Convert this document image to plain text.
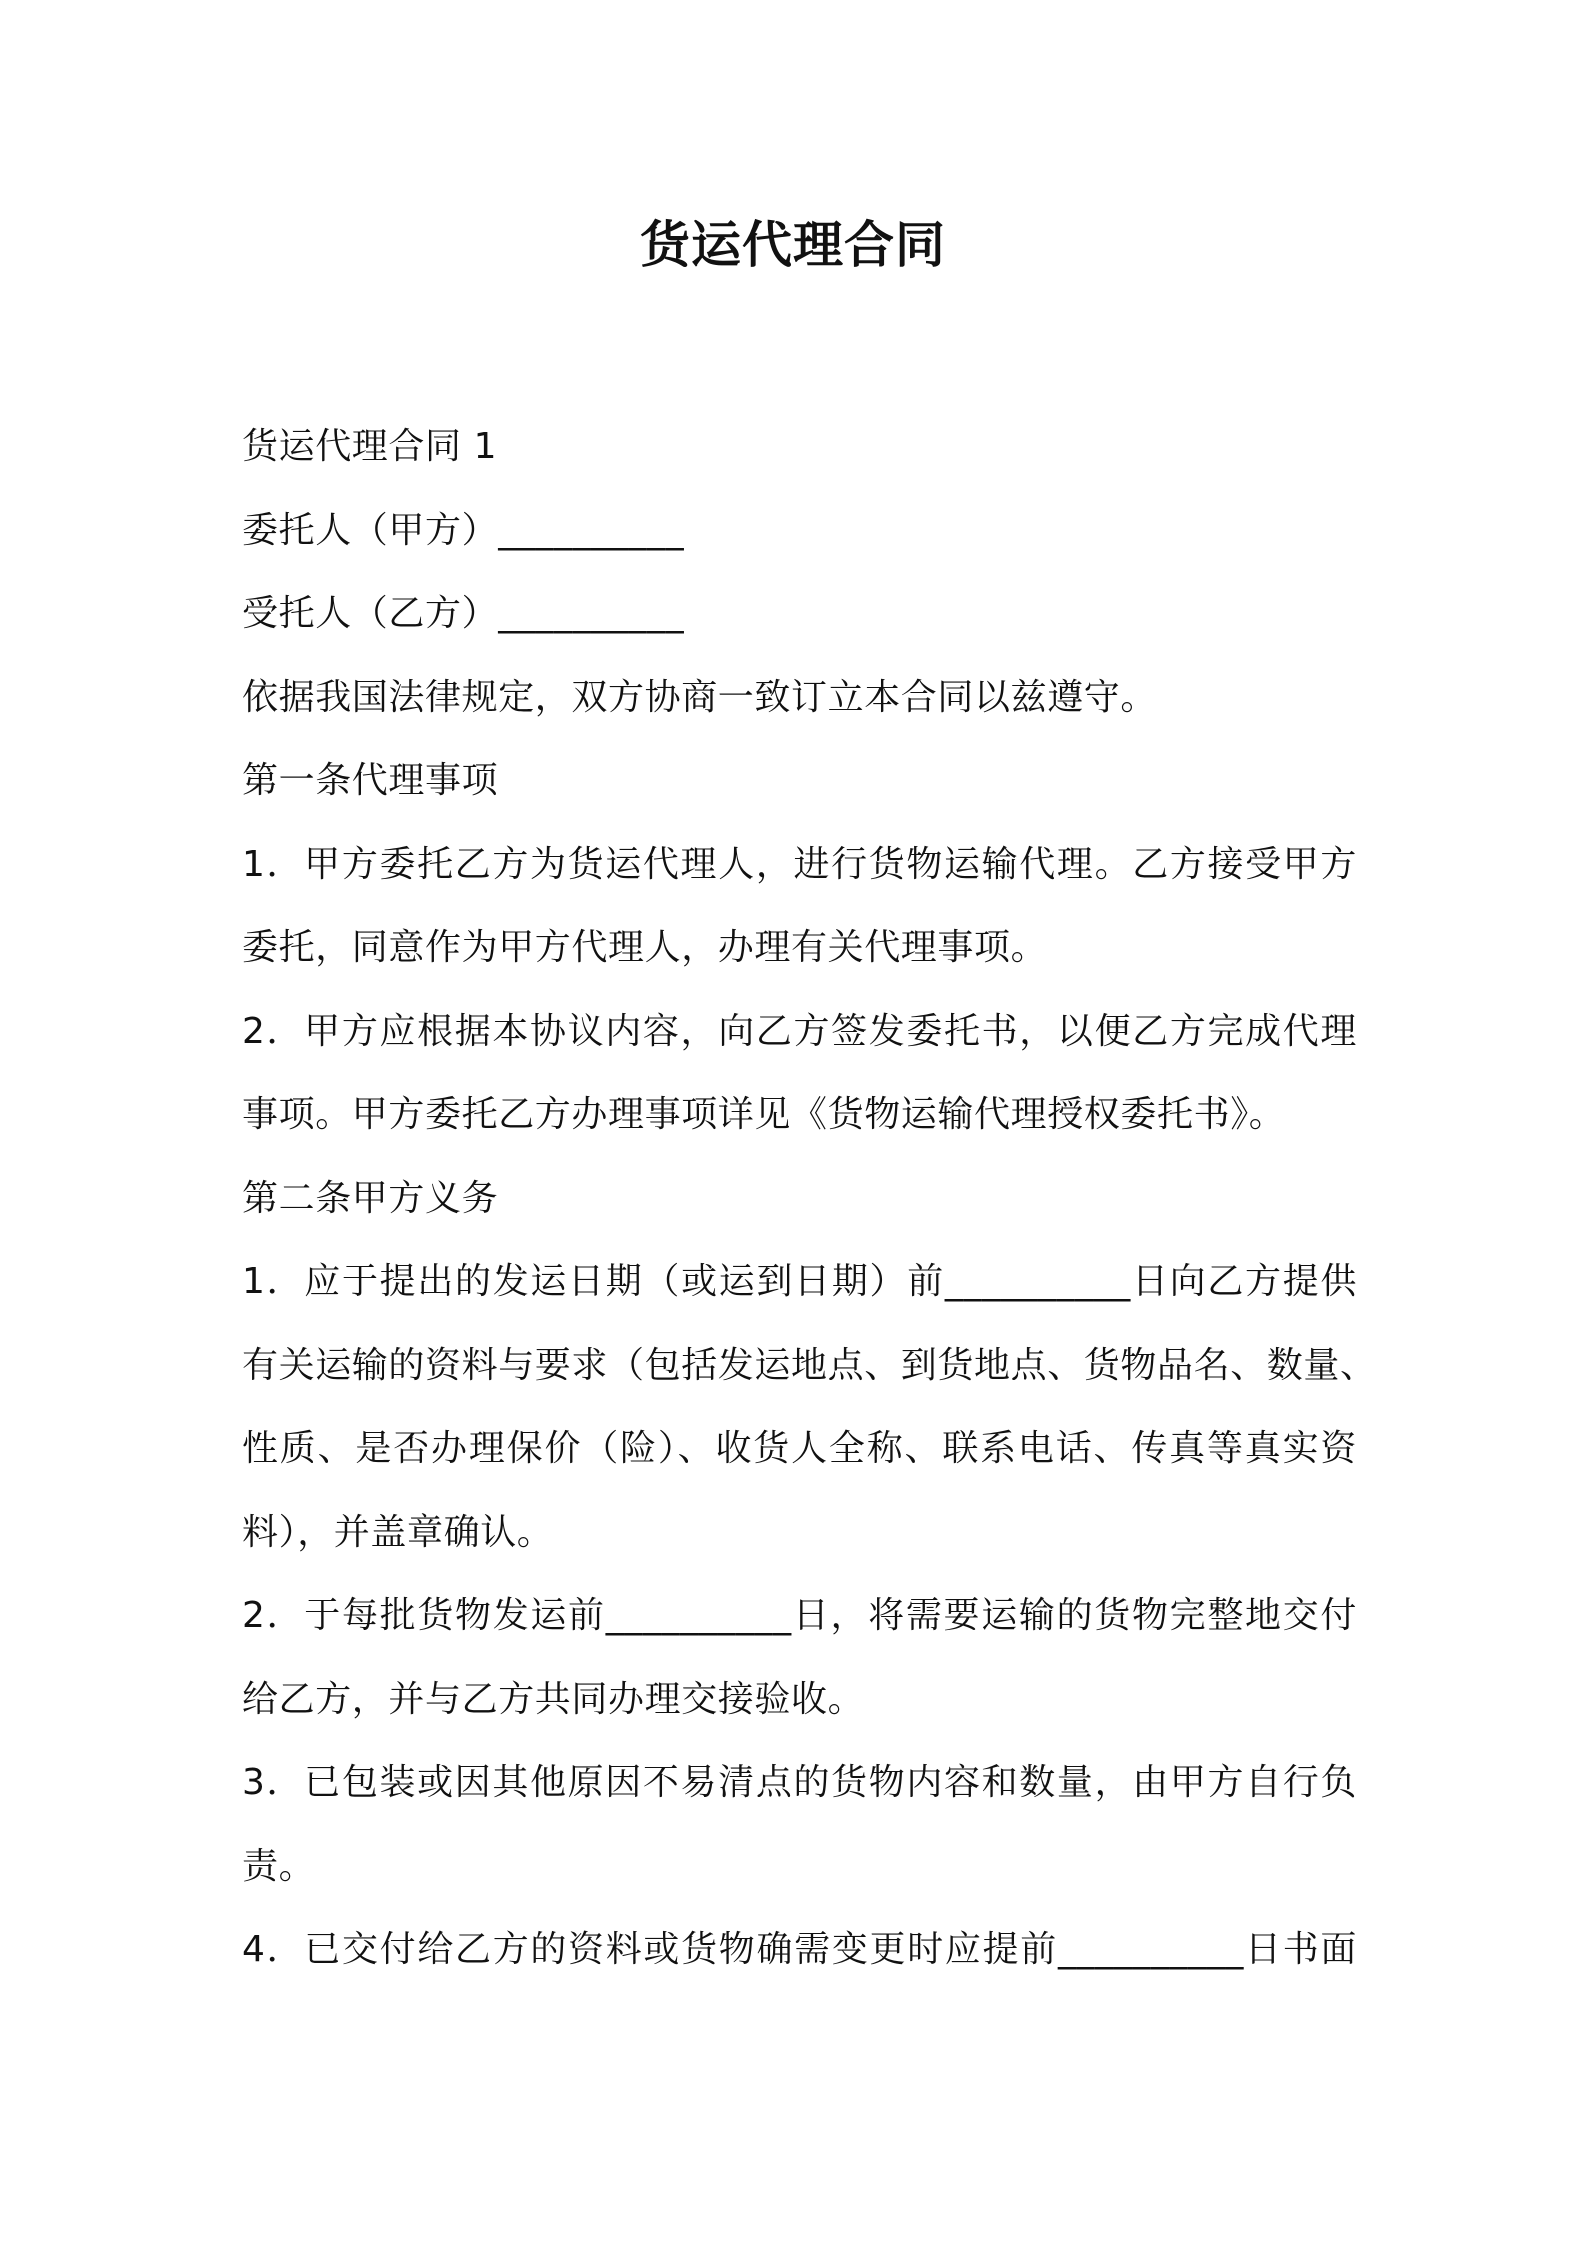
货运代理合同
货运代理合同 1
委托人（甲方）__________
受托人（乙方）__________
依据我国法律规定，双方协商一致订立本合同以兹遵守。
第一条代理事项
1．甲方委托乙方为货运代理人，进行货物运输代理。乙方接受甲方
委托，同意作为甲方代理人，办理有关代理事项。
2．甲方应根据本协议内容，向乙方签发委托书，以便乙方完成代理
事项。甲方委托乙方办理事项详见《货物运输代理授权委托书》。
第二条甲方义务
1．应于提出的发运日期（或运到日期）前__________日向乙方提供
有关运输的资料与要求（包括发运地点、到货地点、货物品名、数量、
性质、是否办理保价（险）、收货人全称、联系电话、传真等真实资
料），并盖章确认。
2．于每批货物发运前__________日，将需要运输的货物完整地交付
给乙方，并与乙方共同办理交接验收。
3．已包装或因其他原因不易清点的货物内容和数量，由甲方自行负
责。
4．已交付给乙方的资料或货物确需变更时应提前__________日书面
